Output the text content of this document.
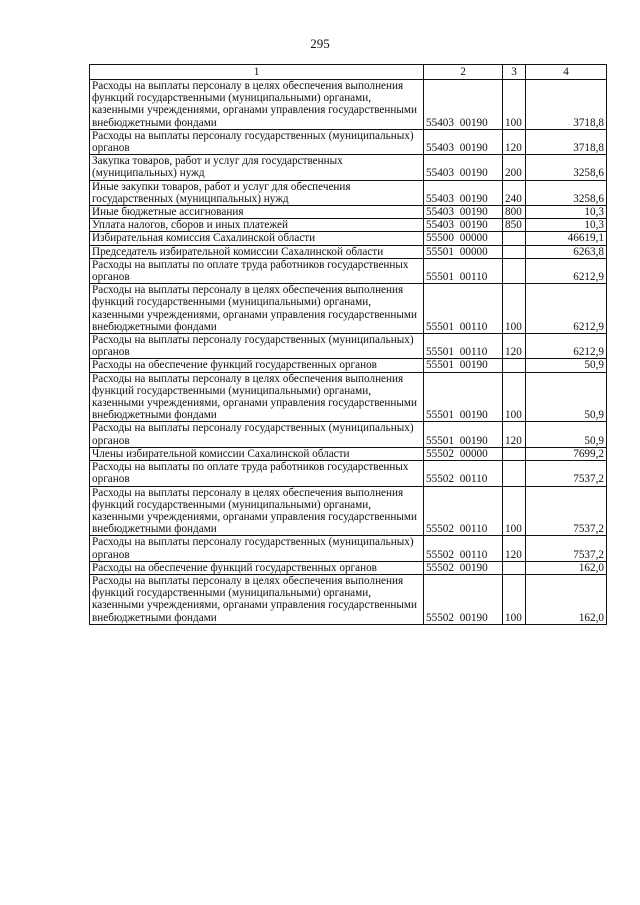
295
1	2	3	4
Расходы на выплаты персоналу в целях обеспечения выполнения функций государственными (муниципальными) органами, казенными учреждениями, органами управления государственными внебюджетными фондами	55403 00190	100	3718,8
Расходы на выплаты персоналу государственных (муниципальных) органов	55403 00190	120	3718,8
Закупка товаров, работ и услуг для государственных (муниципальных) нужд	55403 00190	200	3258,6
Иные закупки товаров, работ и услуг для обеспечения государственных (муниципальных) нужд	55403 00190	240	3258,6
Иные бюджетные ассигнования	55403 00190	800	10,3
Уплата налогов, сборов и иных платежей	55403 00190	850	10,3
Избирательная комиссия Сахалинской области	55500 00000		46619,1
Председатель избирательной комиссии Сахалинской области	55501 00000		6263,8
Расходы на выплаты по оплате труда работников государственных органов	55501 00110		6212,9
Расходы на выплаты персоналу в целях обеспечения выполнения функций государственными (муниципальными) органами, казенными учреждениями, органами управления государственными внебюджетными фондами	55501 00110	100	6212,9
Расходы на выплаты персоналу государственных (муниципальных) органов	55501 00110	120	6212,9
Расходы на обеспечение функций государственных органов	55501 00190		50,9
Расходы на выплаты персоналу в целях обеспечения выполнения функций государственными (муниципальными) органами, казенными учреждениями, органами управления государственными внебюджетными фондами	55501 00190	100	50,9
Расходы на выплаты персоналу государственных (муниципальных) органов	55501 00190	120	50,9
Члены избирательной комиссии Сахалинской области	55502 00000		7699,2
Расходы на выплаты по оплате труда работников государственных органов	55502 00110		7537,2
Расходы на выплаты персоналу в целях обеспечения выполнения функций государственными (муниципальными) органами, казенными учреждениями, органами управления государственными внебюджетными фондами	55502 00110	100	7537,2
Расходы на выплаты персоналу государственных (муниципальных) органов	55502 00110	120	7537,2
Расходы на обеспечение функций государственных органов	55502 00190		162,0
Расходы на выплаты персоналу в целях обеспечения выполнения функций государственными (муниципальными) органами, казенными учреждениями, органами управления государственными внебюджетными фондами	55502 00190	100	162,0
